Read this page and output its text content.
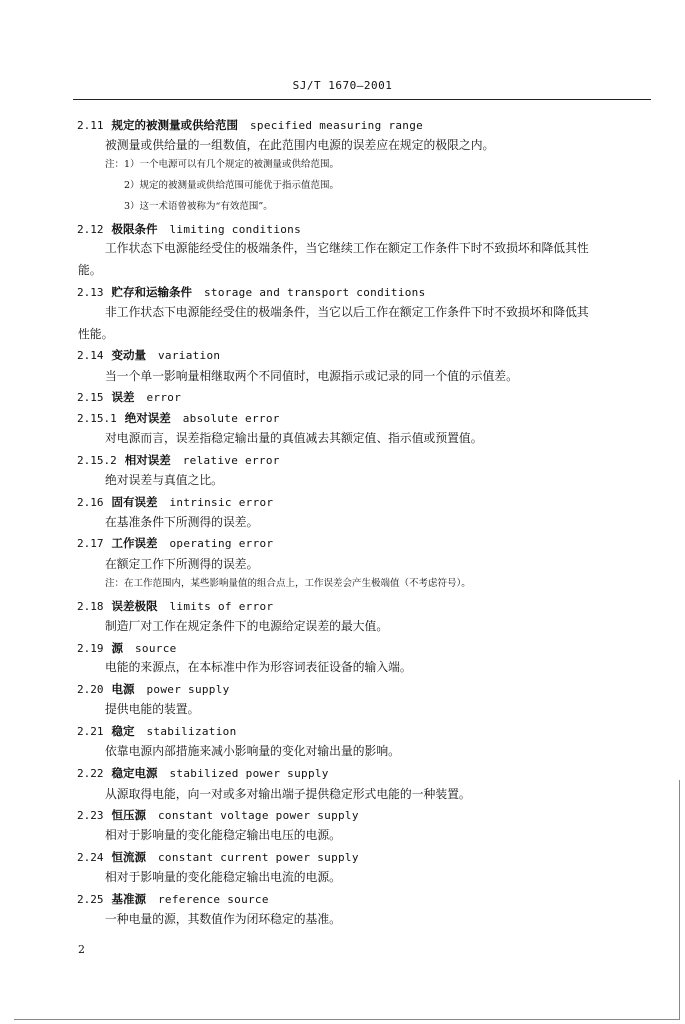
SJ/T 1670—2001
2.11 规定的被测量或供给范围 specified measuring range
被测量或供给量的一组数值，在此范围内电源的误差应在规定的极限之内。
注：1）一个电源可以有几个规定的被测量或供给范围。
2）规定的被测量或供给范围可能优于指示值范围。
3）这一术语曾被称为“有效范围”。
2.12 极限条件 limiting conditions
工作状态下电源能经受住的极端条件，当它继续工作在额定工作条件下时不致损坏和降低其性
能。
2.13 贮存和运输条件 storage and transport conditions
非工作状态下电源能经受住的极端条件，当它以后工作在额定工作条件下时不致损坏和降低其
性能。
2.14 变动量 variation
当一个单一影响量相继取两个不同值时，电源指示或记录的同一个值的示值差。
2.15 误差 error
2.15.1 绝对误差 absolute error
对电源而言，误差指稳定输出量的真值减去其额定值、指示值或预置值。
2.15.2 相对误差 relative error
绝对误差与真值之比。
2.16 固有误差 intrinsic error
在基准条件下所测得的误差。
2.17 工作误差 operating error
在额定工作下所测得的误差。
注：在工作范围内，某些影响量值的组合点上，工作误差会产生极端值（不考虑符号）。
2.18 误差极限 limits of error
制造厂对工作在规定条件下的电源给定误差的最大值。
2.19 源 source
电能的来源点，在本标准中作为形容词表征设备的输入端。
2.20 电源 power supply
提供电能的装置。
2.21 稳定 stabilization
依靠电源内部措施来减小影响量的变化对输出量的影响。
2.22 稳定电源 stabilized power supply
从源取得电能，向一对或多对输出端子提供稳定形式电能的一种装置。
2.23 恒压源 constant voltage power supply
相对于影响量的变化能稳定输出电压的电源。
2.24 恒流源 constant current power supply
相对于影响量的变化能稳定输出电流的电源。
2.25 基准源 reference source
一种电量的源，其数值作为闭环稳定的基准。
2
